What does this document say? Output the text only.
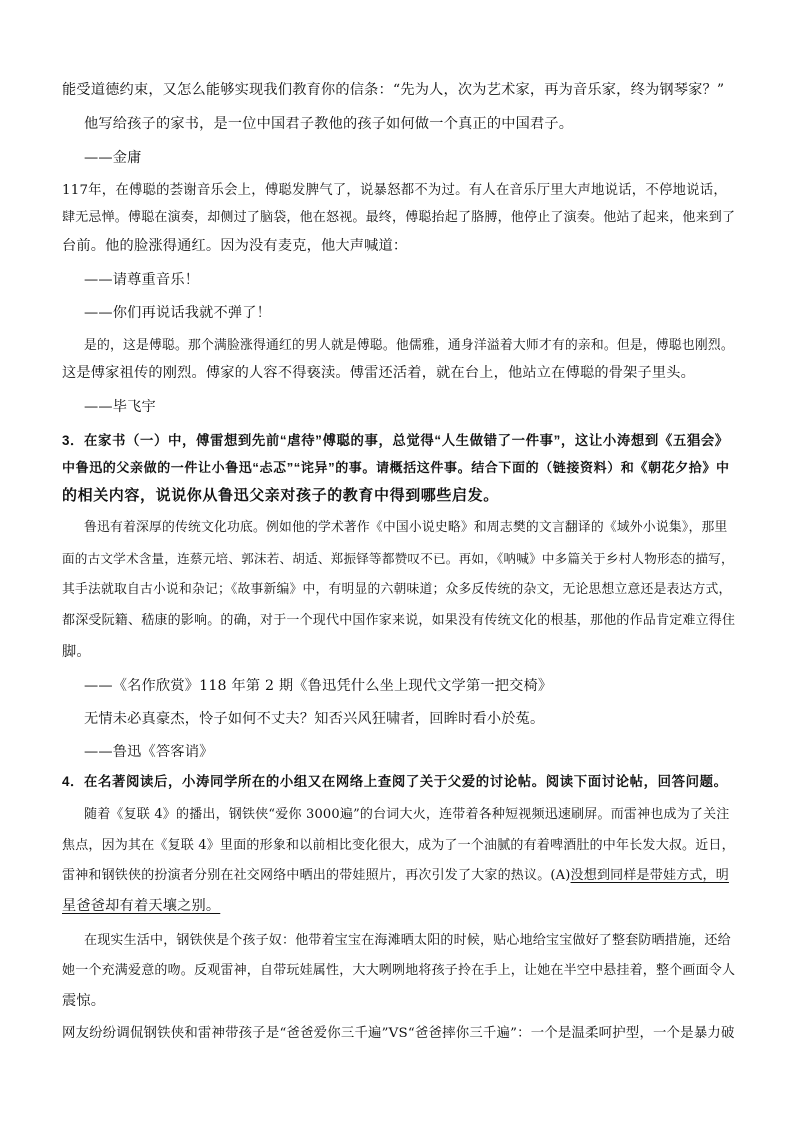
能受道德约束，又怎么能够实现我们教育你的信条：“先为人，次为艺术家，再为音乐家，终为钢琴家？”
他写给孩子的家书，是一位中国君子教他的孩子如何做一个真正的中国君子。
——金庸
117年，在傅聪的荟谢音乐会上，傅聪发脾气了，说暴怒都不为过。有人在音乐厅里大声地说话，不停地说话，
肆无忌惮。傅聪在演奏，却侧过了脑袋，他在怒视。最终，傅聪抬起了胳膊，他停止了演奏。他站了起来，他来到了
台前。他的脸涨得通红。因为没有麦克，他大声喊道：
——请尊重音乐！
——你们再说话我就不弹了！
是的，这是傅聪。那个满脸涨得通红的男人就是傅聪。他儒雅，通身洋溢着大师才有的亲和。但是，傅聪也刚烈。
这是傅家祖传的刚烈。傅家的人容不得亵渎。傅雷还活着，就在台上，他站立在傅聪的骨架子里头。
——毕飞宇
3．在家书（一）中，傅雷想到先前“虐待”傅聪的事，总觉得“人生做错了一件事”，这让小涛想到《五猖会》
中鲁迅的父亲做的一件让小鲁迅“忐忑”“诧异”的事。请概括这件事。结合下面的（链接资料）和《朝花夕拾》中
的相关内容，说说你从鲁迅父亲对孩子的教育中得到哪些启发。
鲁迅有着深厚的传统文化功底。例如他的学术著作《中国小说史略》和周志樊的文言翻译的《域外小说集》，那里
面的古文学术含量，连蔡元培、郭沫若、胡适、郑振铎等都赞叹不已。再如，《呐喊》中多篇关于乡村人物形态的描写，
其手法就取自古小说和杂记；《故事新编》中，有明显的六朝味道；众多反传统的杂文，无论思想立意还是表达方式，
都深受阮籍、嵇康的影响。的确，对于一个现代中国作家来说，如果没有传统文化的根基，那他的作品肯定难立得住
脚。
——《名作欣赏》118 年第 2 期《鲁迅凭什么坐上现代文学第一把交椅》
无情未必真豪杰，怜子如何不丈夫？知否兴风狂啸者，回眸时看小於菟。
——鲁迅《答客诮》
4．在名著阅读后，小涛同学所在的小组又在网络上查阅了关于父爱的讨论帖。阅读下面讨论帖，回答问题。
随着《复联 4》的播出，钢铁侠“爱你 3000遍”的台词大火，连带着各种短视频迅速刷屏。而雷神也成为了关注
焦点，因为其在《复联 4》里面的形象和以前相比变化很大，成为了一个油腻的有着啤酒肚的中年长发大叔。近日，
雷神和钢铁侠的扮演者分别在社交网络中晒出的带娃照片，再次引发了大家的热议。(A)没想到同样是带娃方式，明
星爸爸却有着天壤之别。
在现实生活中，钢铁侠是个孩子奴：他带着宝宝在海滩晒太阳的时候，贴心地给宝宝做好了整套防晒措施，还给
她一个充满爱意的吻。反观雷神，自带玩娃属性，大大咧咧地将孩子拎在手上，让她在半空中悬挂着，整个画面令人
震惊。
网友纷纷调侃钢铁侠和雷神带孩子是“爸爸爱你三千遍”VS“爸爸摔你三千遍”：一个是温柔呵护型，一个是暴力破
